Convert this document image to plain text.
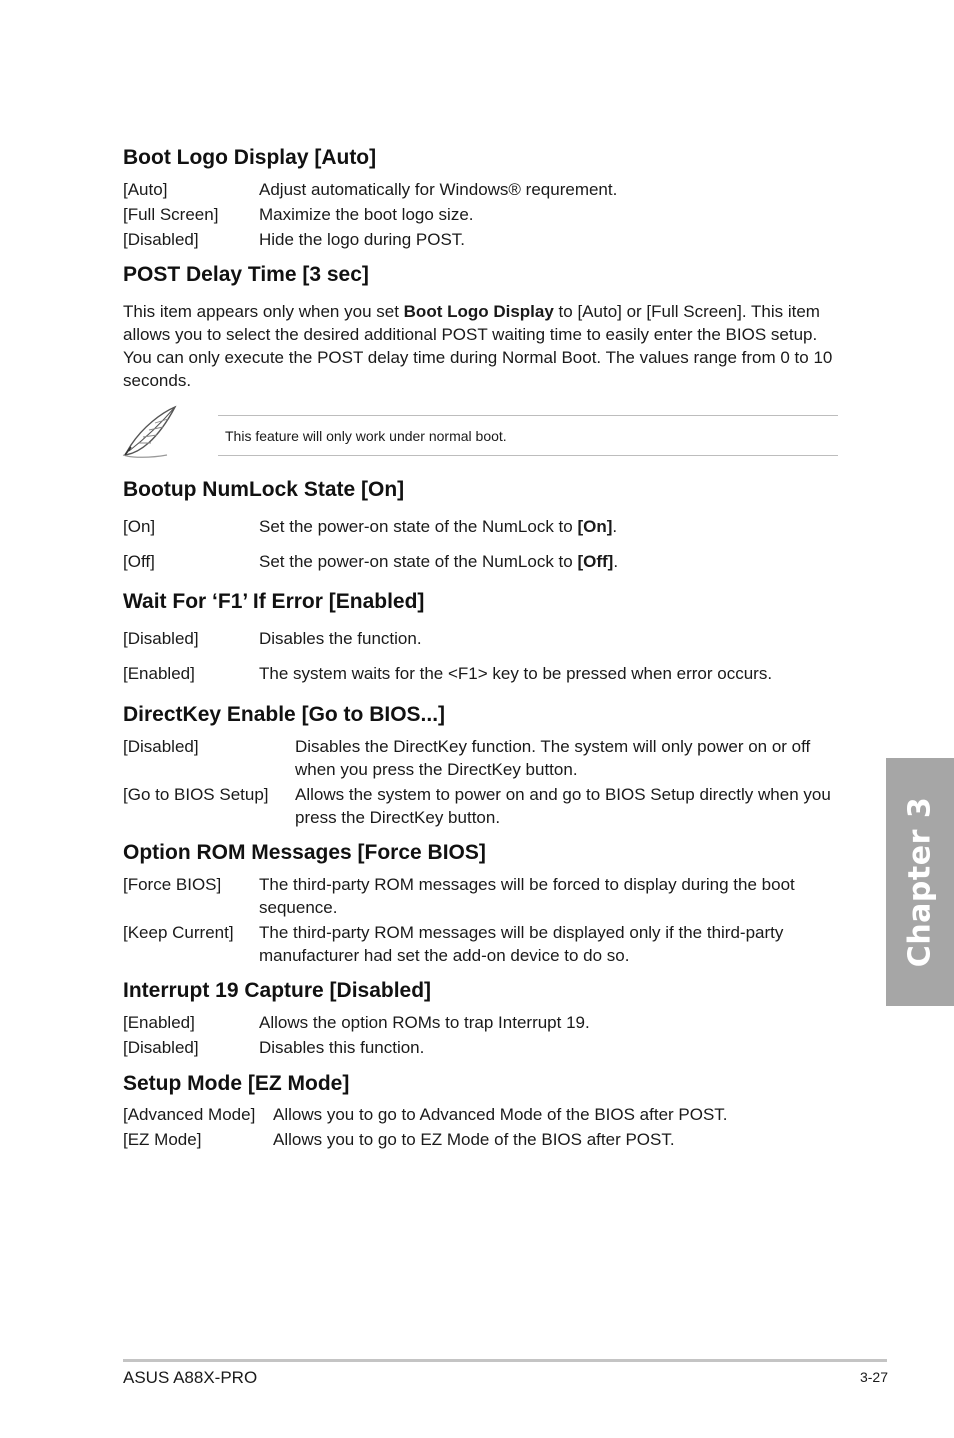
Boot Logo Display [Auto]
[Auto]	Adjust automatically for Windows® requrement.
[Full Screen] Maximize the boot logo size.
[Disabled]	Hide the logo during POST.
POST Delay Time [3 sec]

This item appears only when you set Boot Logo Display to [Auto] or [Full Screen]. This item allows you to select the desired additional POST waiting time to easily enter the BIOS setup. You can only execute the POST delay time during Normal Boot. The values range from 0 to 10 seconds.

This feature will only work under normal boot.
Bootup NumLock State [On]
[On]	Set the power-on state of the NumLock to [On].
[Off]	Set the power-on state of the NumLock to [Off].
Wait For ‘F1’ If Error [Enabled]
[Disabled]	Disables the function.
[Enabled]	The system waits for the <F1> key to be pressed when error occurs.
DirectKey Enable [Go to BIOS...]
[Disabled]	Disables the DirectKey function. The system will only power on or off when you press the DirectKey button.
[Go to BIOS Setup] Allows the system to power on and go to BIOS Setup directly when you press the DirectKey button.
Option ROM Messages [Force BIOS]
[Force BIOS] The third-party ROM messages will be forced to display during the boot sequence.
[Keep Current] The third-party ROM messages will be displayed only if the third-party manufacturer had set the add-on device to do so.
Interrupt 19 Capture [Disabled]
[Enabled]	Allows the option ROMs to trap Interrupt 19.
[Disabled]	Disables this function.
Setup Mode [EZ Mode]
[Advanced Mode] Allows you to go to Advanced Mode of the BIOS after POST.
[EZ Mode]	Allows you to go to EZ Mode of the BIOS after POST.
Chapter 3
ASUS A88X-PRO	3-27
